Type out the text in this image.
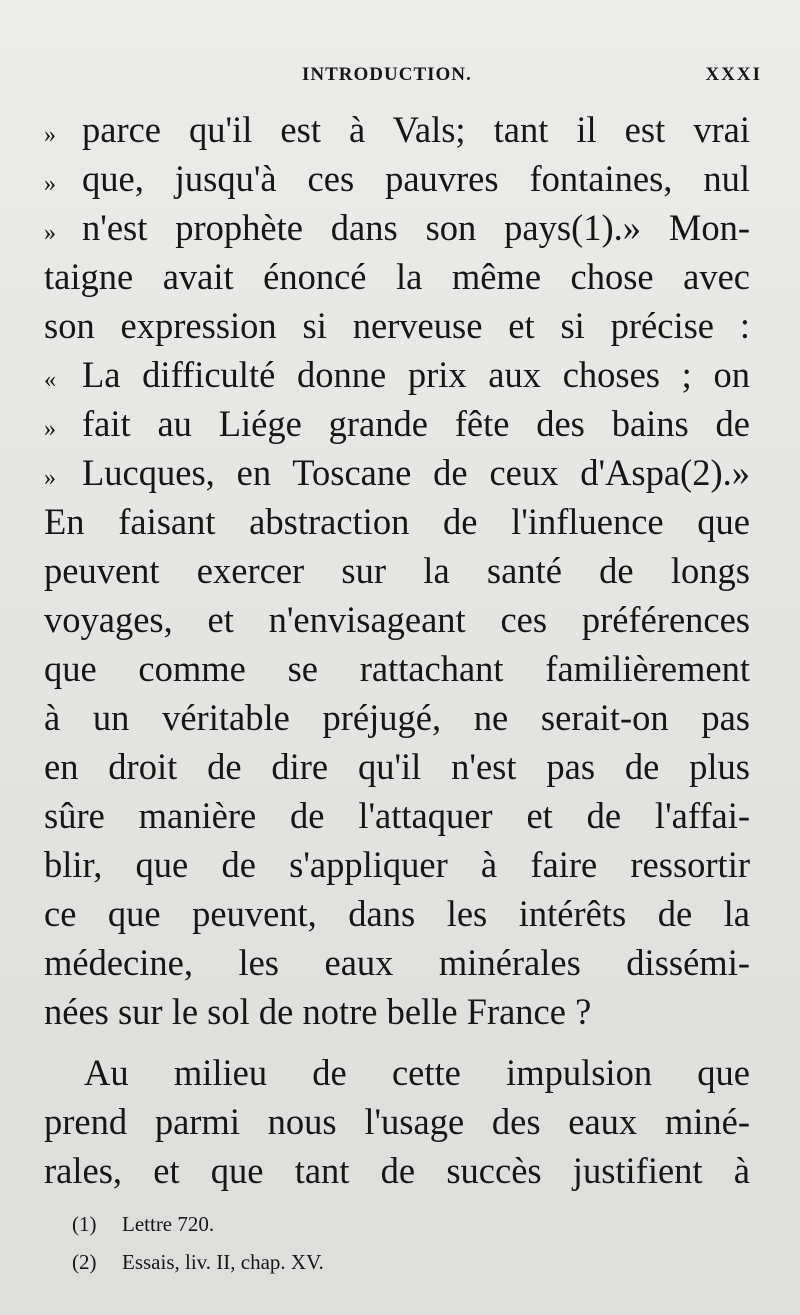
INTRODUCTION.	XXXI
» parce qu'il est à Vals; tant il est vrai
» que, jusqu'à ces pauvres fontaines, nul
» n'est prophète dans son pays(1).» Mon-
taigne avait énoncé la même chose avec
son expression si nerveuse et si précise :
« La difficulté donne prix aux choses ; on
» fait au Liége grande fête des bains de
» Lucques, en Toscane de ceux d'Aspa(2).»
En faisant abstraction de l'influence que
peuvent exercer sur la santé de longs
voyages, et n'envisageant ces préférences
que comme se rattachant familièrement
à un véritable préjugé, ne serait-on pas
en droit de dire qu'il n'est pas de plus
sûre manière de l'attaquer et de l'affai-
blir, que de s'appliquer à faire ressortir
ce que peuvent, dans les intérêts de la
médecine, les eaux minérales dissémi-
nées sur le sol de notre belle France ?
Au milieu de cette impulsion que
prend parmi nous l'usage des eaux miné-
rales, et que tant de succès justifient à
(1) Lettre 720.
(2) Essais, liv. II, chap. XV.
